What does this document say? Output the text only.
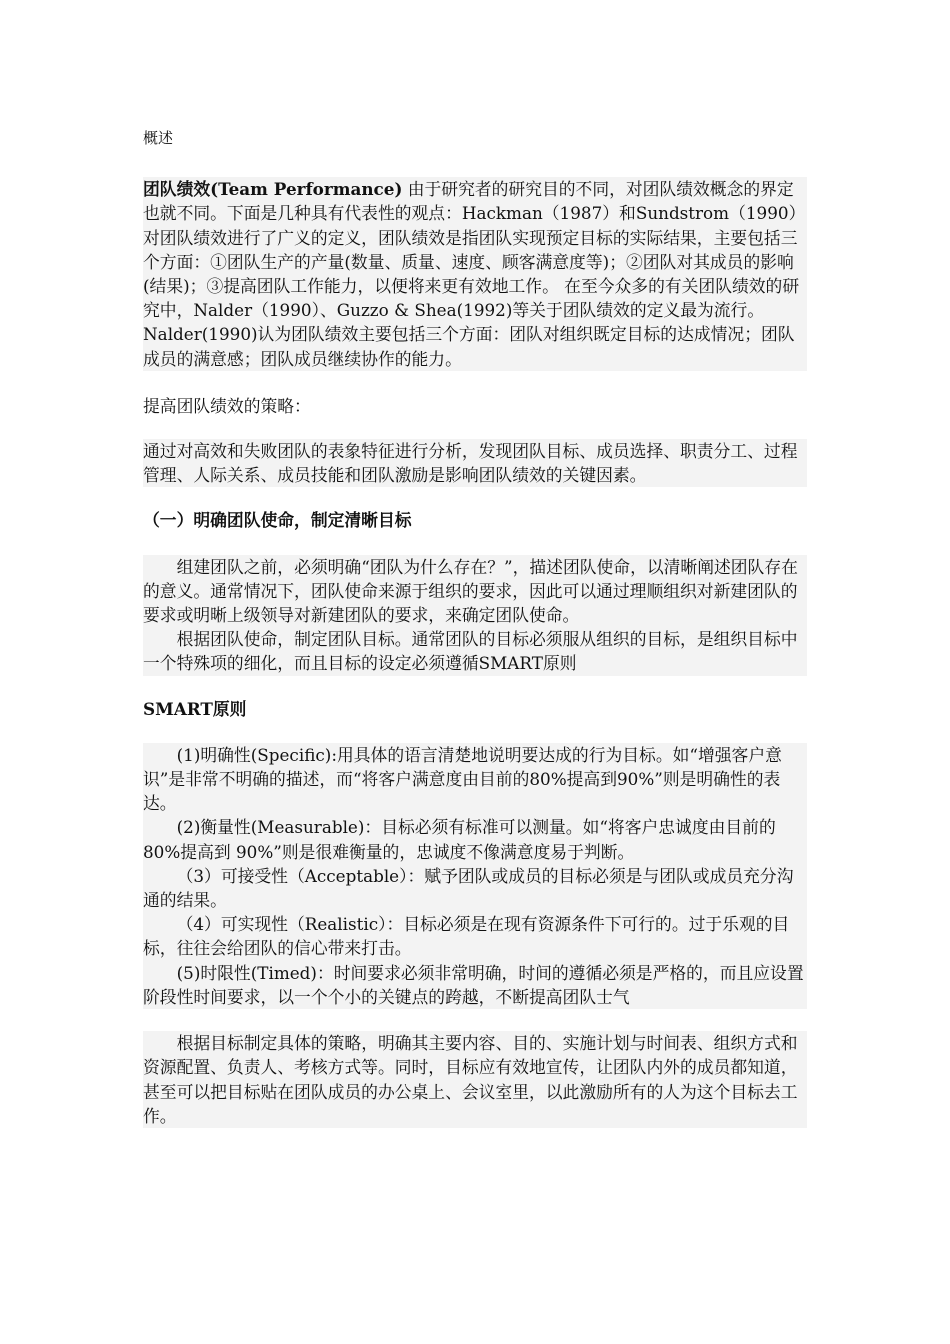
概述

团队绩效(Team Performance) 由于研究者的研究目的不同，对团队绩效概念的界定也就不同。下面是几种具有代表性的观点：Hackman（1987）和Sundstrom（1990）对团队绩效进行了广义的定义，团队绩效是指团队实现预定目标的实际结果，主要包括三个方面：①团队生产的产量(数量、质量、速度、顾客满意度等)；②团队对其成员的影响(结果)；③提高团队工作能力，以便将来更有效地工作。 在至今众多的有关团队绩效的研究中，Nalder（1990）、Guzzo & Shea(1992)等关于团队绩效的定义最为流行。Nalder(1990)认为团队绩效主要包括三个方面：团队对组织既定目标的达成情况；团队成员的满意感；团队成员继续协作的能力。

提高团队绩效的策略：

通过对高效和失败团队的表象特征进行分析，发现团队目标、成员选择、职责分工、过程管理、人际关系、成员技能和团队激励是影响团队绩效的关键因素。

（一）明确团队使命，制定清晰目标

组建团队之前，必须明确“团队为什么存在？”，描述团队使命，以清晰阐述团队存在的意义。通常情况下，团队使命来源于组织的要求，因此可以通过理顺组织对新建团队的要求或明晰上级领导对新建团队的要求，来确定团队使命。

根据团队使命，制定团队目标。通常团队的目标必须服从组织的目标，是组织目标中一个特殊项的细化，而且目标的设定必须遵循SMART原则

SMART原则

(1)明确性(Specific):用具体的语言清楚地说明要达成的行为目标。如“增强客户意识”是非常不明确的描述，而“将客户满意度由目前的80%提高到90%”则是明确性的表达。

(2)衡量性(Measurable)：目标必须有标准可以测量。如“将客户忠诚度由目前的80%提高到 90%”则是很难衡量的，忠诚度不像满意度易于判断。

（3）可接受性（Acceptable）：赋予团队或成员的目标必须是与团队或成员充分沟通的结果。

（4）可实现性（Realistic）：目标必须是在现有资源条件下可行的。过于乐观的目标，往往会给团队的信心带来打击。

(5)时限性(Timed)：时间要求必须非常明确，时间的遵循必须是严格的，而且应设置阶段性时间要求，以一个个小的关键点的跨越，不断提高团队士气

根据目标制定具体的策略，明确其主要内容、目的、实施计划与时间表、组织方式和资源配置、负责人、考核方式等。同时，目标应有效地宣传，让团队内外的成员都知道，甚至可以把目标贴在团队成员的办公桌上、会议室里，以此激励所有的人为这个目标去工作。
